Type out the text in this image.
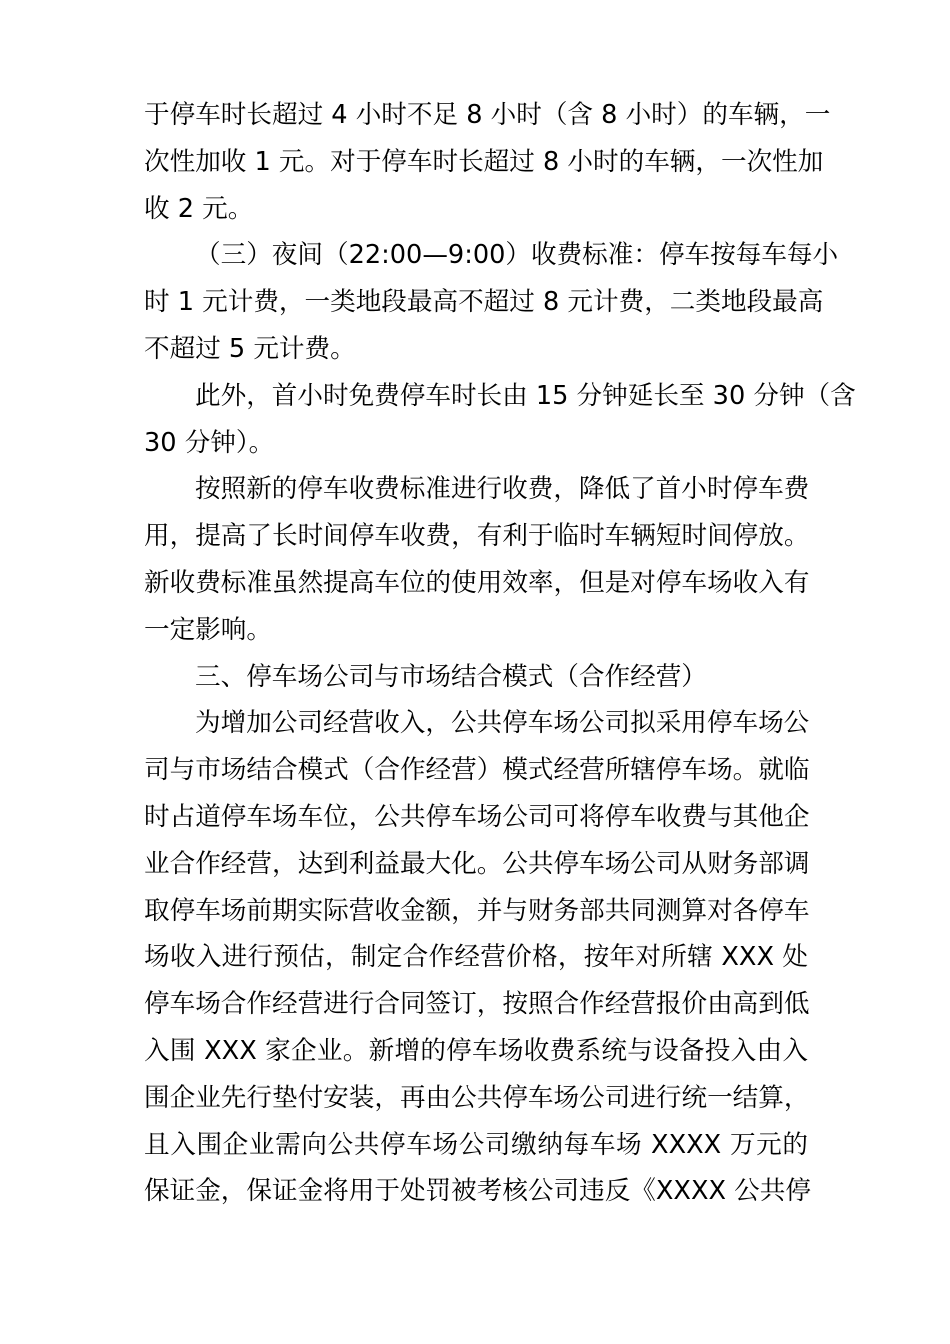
于停车时长超过 4 小时不足 8 小时（含 8 小时）的车辆，一
次性加收 1 元。对于停车时长超过 8 小时的车辆，一次性加
收 2 元。
（三）夜间（22:00—9:00）收费标准：停车按每车每小
时 1 元计费，一类地段最高不超过 8 元计费，二类地段最高
不超过 5 元计费。
此外，首小时免费停车时长由 15 分钟延长至 30 分钟（含
30 分钟）。
按照新的停车收费标准进行收费，降低了首小时停车费
用，提高了长时间停车收费，有利于临时车辆短时间停放。
新收费标准虽然提高车位的使用效率，但是对停车场收入有
一定影响。
三、停车场公司与市场结合模式（合作经营）
为增加公司经营收入，公共停车场公司拟采用停车场公
司与市场结合模式（合作经营）模式经营所辖停车场。就临
时占道停车场车位，公共停车场公司可将停车收费与其他企
业合作经营，达到利益最大化。公共停车场公司从财务部调
取停车场前期实际营收金额，并与财务部共同测算对各停车
场收入进行预估，制定合作经营价格，按年对所辖 XXX 处
停车场合作经营进行合同签订，按照合作经营报价由高到低
入围 XXX 家企业。新增的停车场收费系统与设备投入由入
围企业先行垫付安装，再由公共停车场公司进行统一结算，
且入围企业需向公共停车场公司缴纳每车场 XXXX 万元的
保证金，保证金将用于处罚被考核公司违反《XXXX 公共停
